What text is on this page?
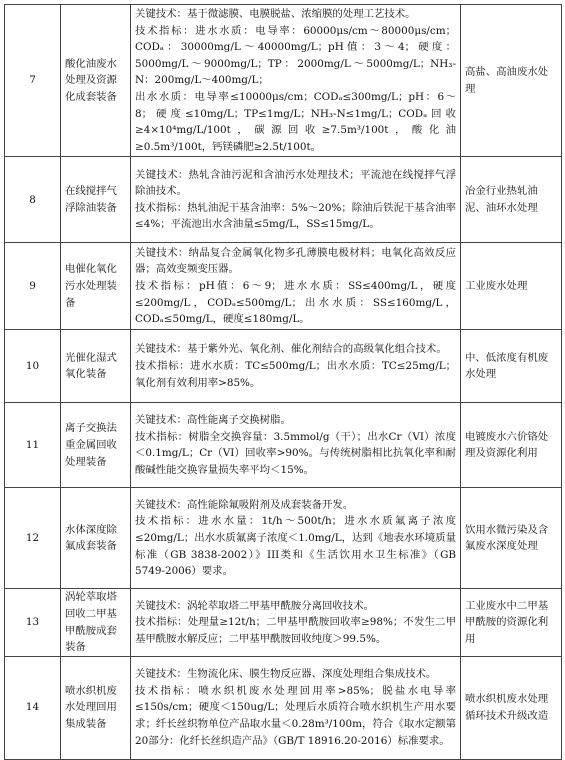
7	酸化油废水处理及资源化成套装备	关键技术：基于微滤膜、电膜脱盐、浓缩膜的处理工艺技术。
技术指标：进水水质：电导率：60000μs/cm～80000μs/cm；CODₐ：30000mg/L～40000mg/L；pH值：3～4；硬度：5000mg/L～9000mg/L；TP：2000mg/L～5000mg/L；NH₃-N：200mg/L～400mg/L；
出水水质：电导率≤10000μs/cm；CODₐ≤300mg/L；pH：6～8；硬度≤10mg/L；TP≤1mg/L；NH₃-N≤1mg/L；CODₐ回收≥4×10⁴mg/L/100t，碳源回收≥7.5m³/100t，酸化油≥0.5m³/100t，钙镁磷肥≥2.5t/100t。	高盐、高油废水处理
8	在线搅拌气浮除油装备	关键技术：热轧含油污泥和含油污水处理技术；平流池在线搅拌气浮除油技术。
技术指标：热轧油泥干基含油率：5%～20%；除油后铁泥干基含油率≤4%；平流池出水含油量≤5mg/L，SS≤15mg/L。	冶金行业热轧油泥、油环水处理
9	电催化氧化污水处理装备	关键技术：纳晶复合金属氧化物多孔薄膜电极材料；电氧化高效反应器；高效变频变压器。
技术指标：pH值：6～9；进水水质：SS≤400mg/L，硬度≤200mg/L，CODₐ≤500mg/L；出水水质：SS≤160mg/L，CODₐ≤50mg/L，硬度≤180mg/L。	工业废水处理
10	光催化湿式氧化装备	关键技术：基于紫外光、氧化剂、催化剂结合的高级氧化组合技术。
技术指标：进水水质：TC≤500mg/L；出水水质：TC≤25mg/L；氧化剂有效利用率>85%。	中、低浓度有机废水处理
11	离子交换法重金属回收处理装备	关键技术：高性能离子交换树脂。
技术指标：树脂全交换容量：3.5mmol/g（干）；出水Cr（VI）浓度＜0.1mg/L；Cr（VI）回收率>90%。与传统树脂相比抗氧化率和耐酸碱性能交换容量损失率平均＜15%。	电镀废水六价铬处理及资源化利用
12	水体深度除氟成套装备	关键技术：高性能除氟吸附剂及成套装备开发。
技术指标：进水水量：1t/h～500t/h；进水水质氟离子浓度≤20mg/L；出水水质氟离子浓度＜1.0mg/L，达到《地表水环境质量标准（GB 3838-2002）》III类和《生活饮用水卫生标准》（GB 5749-2006）要求。	饮用水微污染及含氟废水深度处理
13	涡轮萃取塔回收二甲基甲酰胺成套装备	关键技术：涡轮萃取塔二甲基甲酰胺分离回收技术。
技术指标：处理量≥12t/h；二甲基甲酰胺回收率≥98%；不发生二甲基甲酰胺水解反应；二甲基甲酰胺回收纯度＞99.5%。	工业废水中二甲基甲酰胺的资源化利用
14	喷水织机废水处理回用集成装备	关键技术：生物流化床、膜生物反应器、深度处理组合集成技术。
技术指标：喷水织机废水处理回用率>85%；脱盐水电导率≤150s/cm；硬度＜150ug/L；处理后水质符合喷水织机生产用水要求；纤长丝织物单位产品取水量＜0.28m³/100m，符合《取水定额第20部分：化纤长丝织造产品》（GB/T 18916.20-2016）标准要求。	喷水织机废水处理循环技术升级改造
